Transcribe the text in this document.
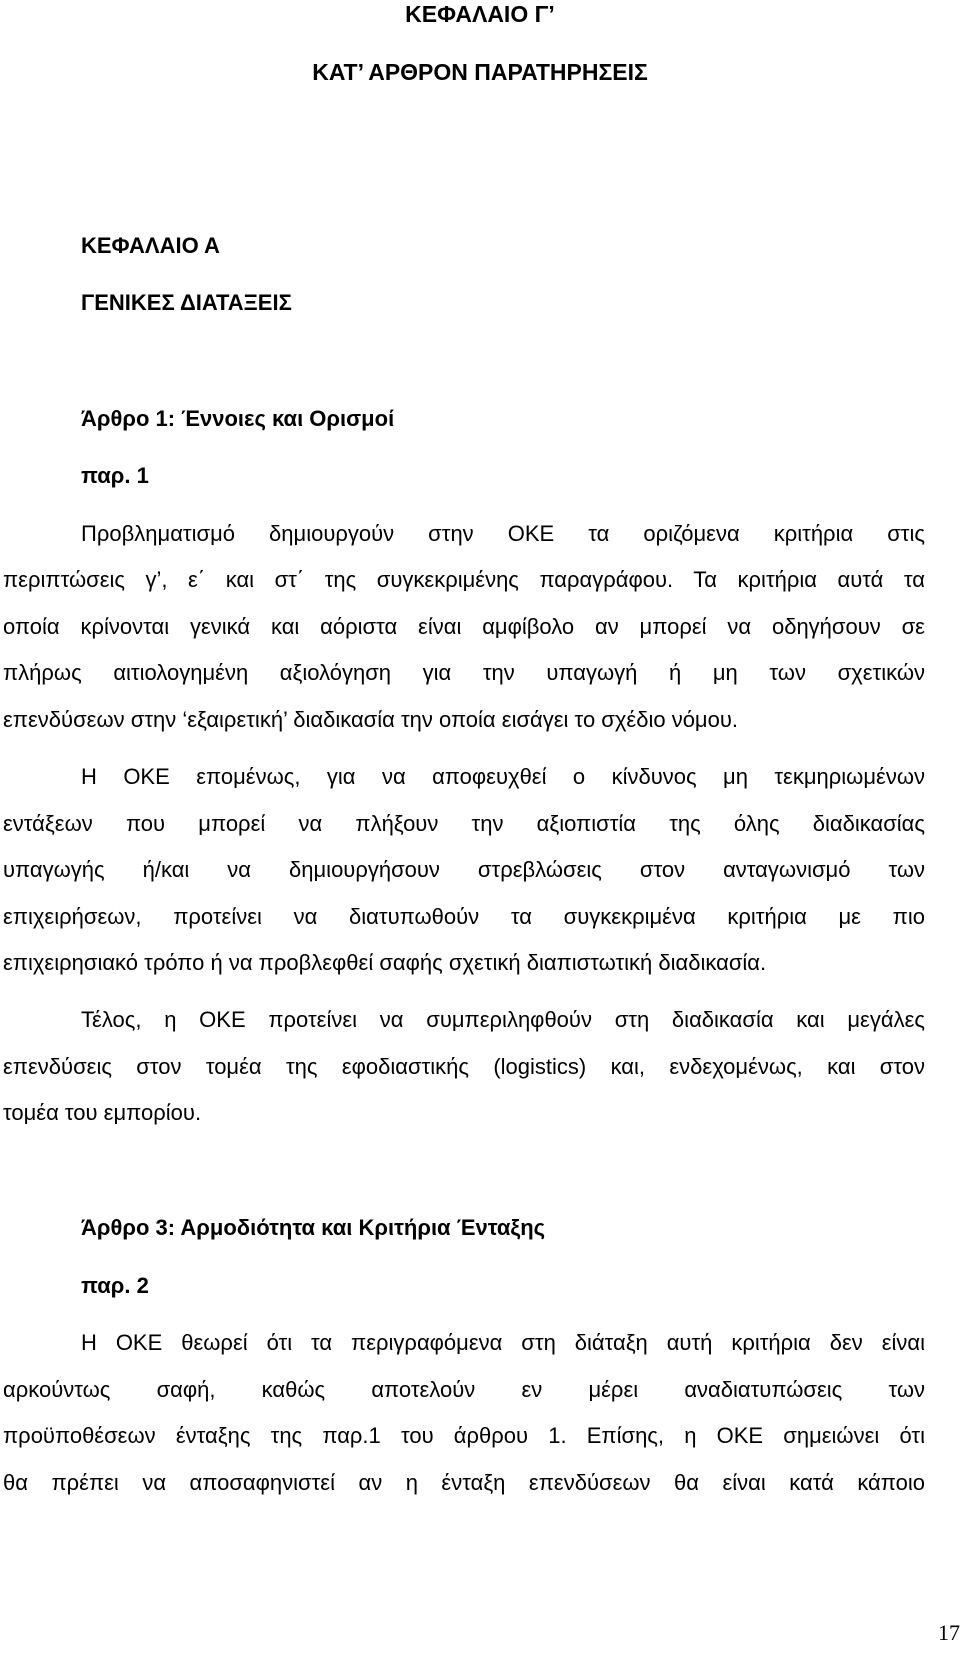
ΚΕΦΑΛΑΙΟ Γ’
ΚΑΤ’ ΑΡΘΡΟΝ ΠΑΡΑΤΗΡΗΣΕΙΣ
ΚΕΦΑΛΑΙΟ Α
ΓΕΝΙΚΕΣ ΔΙΑΤΑΞΕΙΣ
Άρθρο 1: Έννοιες και Ορισμοί
παρ. 1
Προβληματισμό δημιουργούν στην ΟΚΕ τα οριζόμενα κριτήρια στις
περιπτώσεις γ’, ε΄ και στ΄ της συγκεκριμένης παραγράφου. Τα κριτήρια αυτά τα
οποία κρίνονται γενικά και αόριστα είναι αμφίβολο αν μπορεί να οδηγήσουν σε
πλήρως αιτιολογημένη αξιολόγηση για την υπαγωγή ή μη των σχετικών
επενδύσεων στην ‘εξαιρετική’ διαδικασία την οποία εισάγει το σχέδιο νόμου.
Η ΟΚΕ επομένως, για να αποφευχθεί ο κίνδυνος μη τεκμηριωμένων
εντάξεων που μπορεί να πλήξουν την αξιοπιστία της όλης διαδικασίας
υπαγωγής ή/και να δημιουργήσουν στρεβλώσεις στον ανταγωνισμό των
επιχειρήσεων, προτείνει να διατυπωθούν τα συγκεκριμένα κριτήρια με πιο
επιχειρησιακό τρόπο ή να προβλεφθεί σαφής σχετική διαπιστωτική διαδικασία.
Τέλος, η ΟΚΕ προτείνει να συμπεριληφθούν στη διαδικασία και μεγάλες
επενδύσεις στον τομέα της εφοδιαστικής (logistics) και, ενδεχομένως, και στον
τομέα του εμπορίου.
Άρθρο 3: Αρμοδιότητα και Κριτήρια Ένταξης
παρ. 2
Η ΟΚΕ θεωρεί ότι τα περιγραφόμενα στη διάταξη αυτή κριτήρια δεν είναι
αρκούντως σαφή, καθώς αποτελούν εν μέρει αναδιατυπώσεις των
προϋποθέσεων ένταξης της παρ.1 του άρθρου 1. Επίσης, η ΟΚΕ σημειώνει ότι
θα πρέπει να αποσαφηνιστεί αν η ένταξη επενδύσεων θα είναι κατά κάποιο
17
